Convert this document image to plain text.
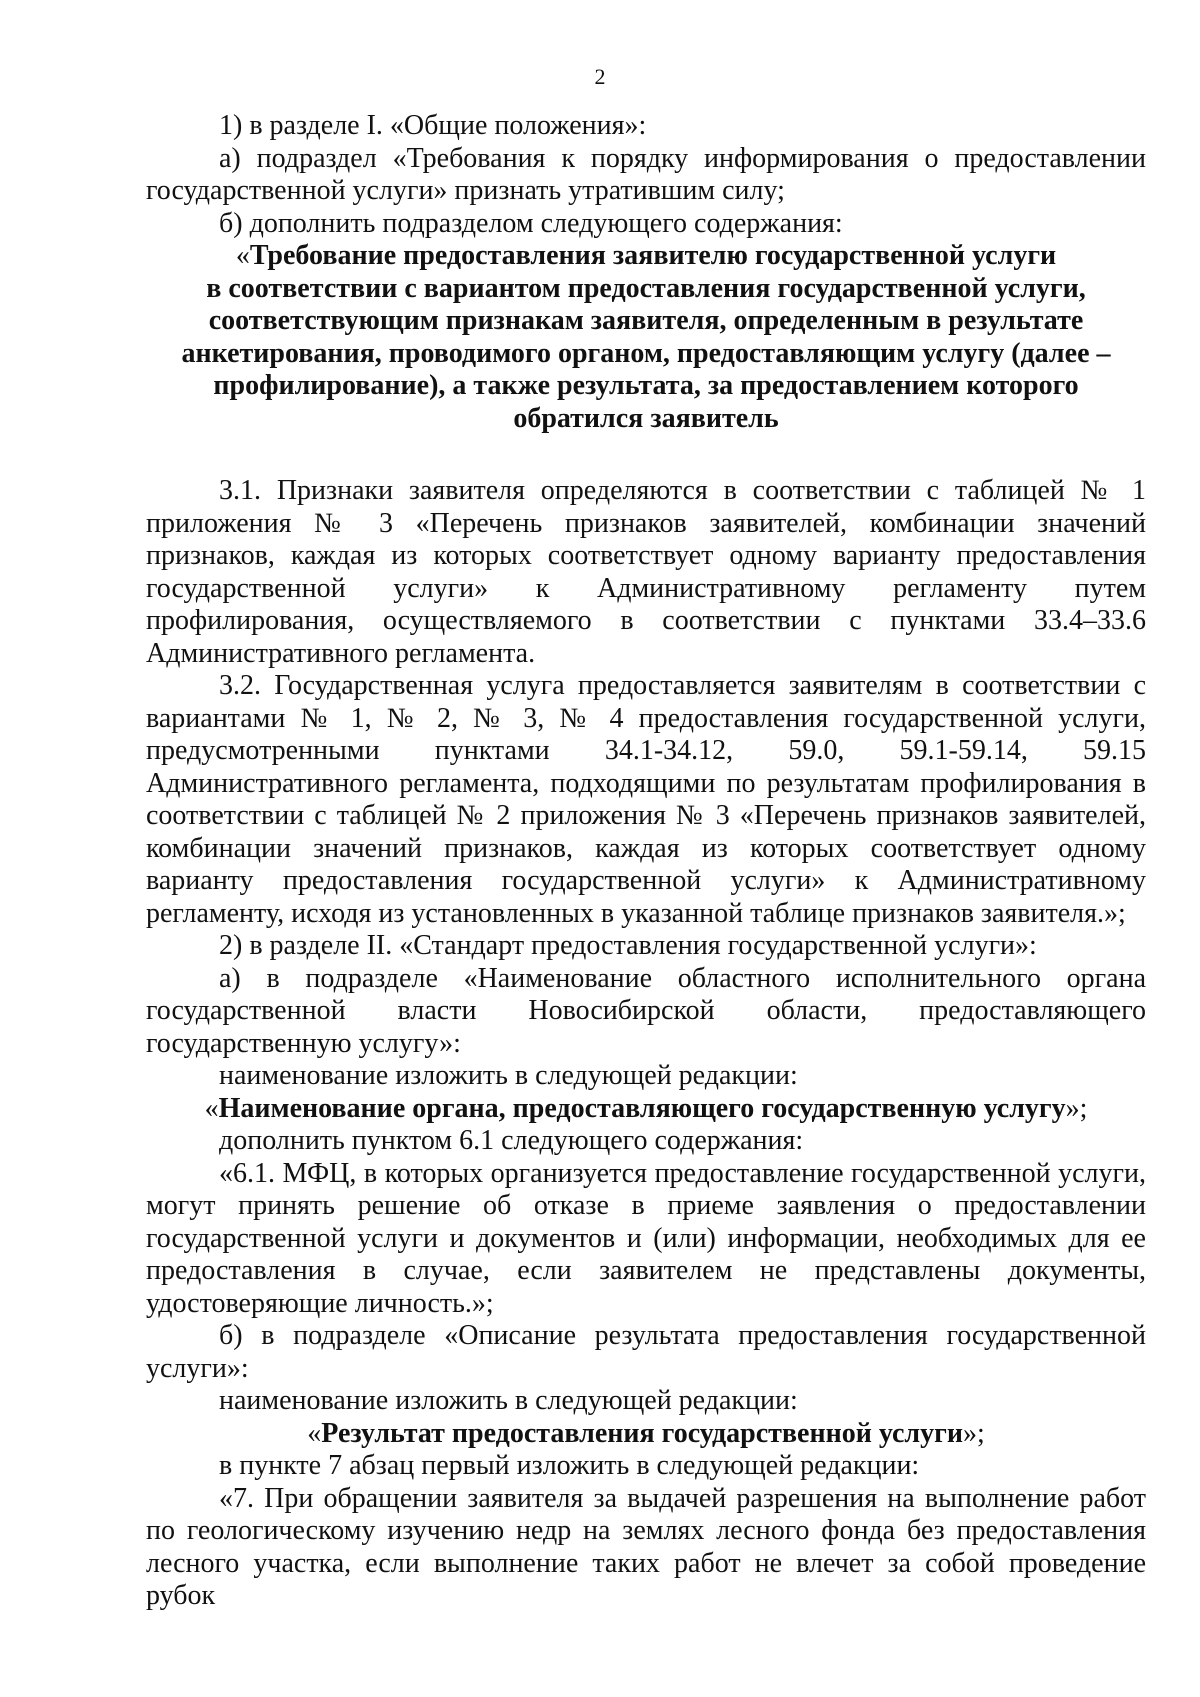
2

1) в разделе I. «Общие положения»:

а) подраздел «Требования к порядку информирования о предоставлении государственной услуги» признать утратившим силу;

б) дополнить подразделом следующего содержания:

«Требование предоставления заявителю государственной услуги
в соответствии с вариантом предоставления государственной услуги,
соответствующим признакам заявителя, определенным в результате
анкетирования, проводимого органом, предоставляющим услугу (далее –
профилирование), а также результата, за предоставлением которого
обратился заявитель

3.1. Признаки заявителя определяются в соответствии с таблицей № 1 приложения № 3 «Перечень признаков заявителей, комбинации значений признаков, каждая из которых соответствует одному варианту предоставления государственной услуги» к Административному регламенту путем профилирования, осуществляемого в соответствии с пунктами 33.4–33.6 Административного регламента.

3.2. Государственная услуга предоставляется заявителям в соответствии с вариантами № 1, № 2, № 3, № 4 предоставления государственной услуги, предусмотренными пунктами 34.1-34.12, 59.0, 59.1-59.14, 59.15 Административного регламента, подходящими по результатам профилирования в соответствии с таблицей № 2 приложения № 3 «Перечень признаков заявителей, комбинации значений признаков, каждая из которых соответствует одному варианту предоставления государственной услуги» к Административному регламенту, исходя из установленных в указанной таблице признаков заявителя.»;

2) в разделе II. «Стандарт предоставления государственной услуги»:

а) в подразделе «Наименование областного исполнительного органа государственной власти Новосибирской области, предоставляющего государственную услугу»:

наименование изложить в следующей редакции:

«Наименование органа, предоставляющего государственную услугу»;

дополнить пунктом 6.1 следующего содержания:

«6.1. МФЦ, в которых организуется предоставление государственной услуги, могут принять решение об отказе в приеме заявления о предоставлении государственной услуги и документов и (или) информации, необходимых для ее предоставления в случае, если заявителем не представлены документы, удостоверяющие личность.»;

б) в подразделе «Описание результата предоставления государственной услуги»:

наименование изложить в следующей редакции:

«Результат предоставления государственной услуги»;

в пункте 7 абзац первый изложить в следующей редакции:

«7. При обращении заявителя за выдачей разрешения на выполнение работ по геологическому изучению недр на землях лесного фонда без предоставления лесного участка, если выполнение таких работ не влечет за собой проведение рубок
